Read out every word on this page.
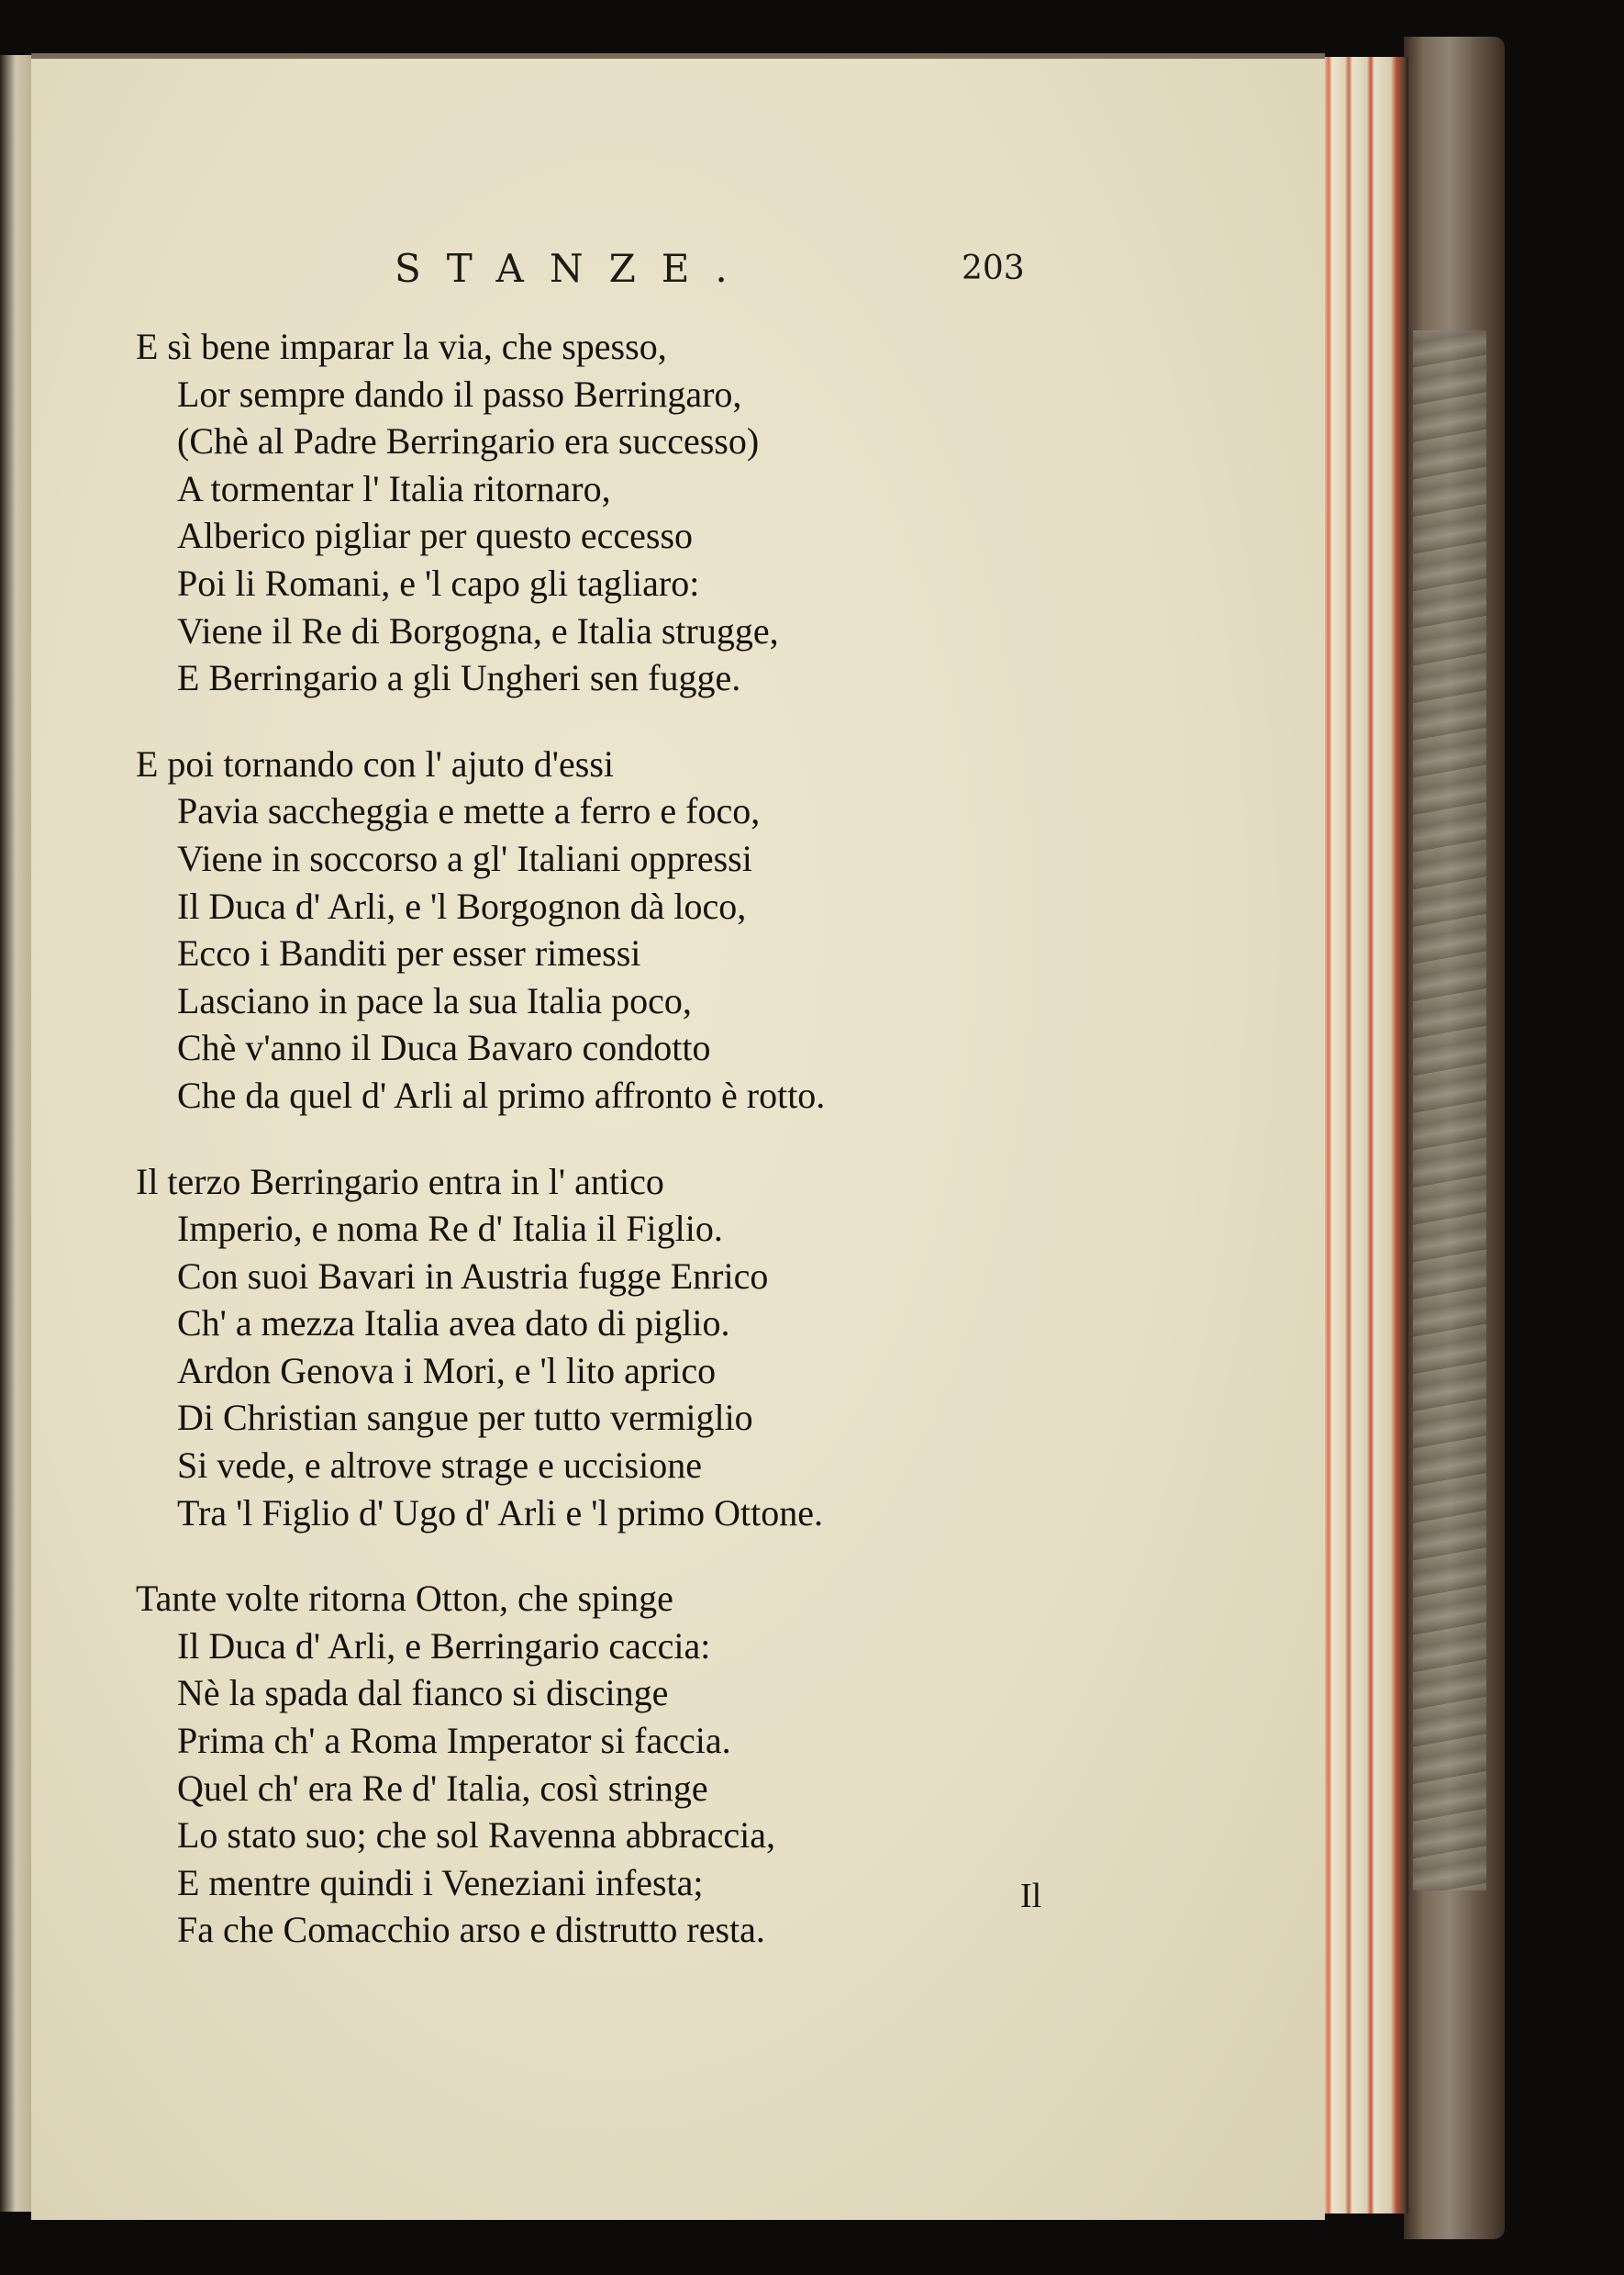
STANZE.	203
E sì bene imparar la via, che spesso,
Lor sempre dando il passo Berringaro,
(Chè al Padre Berringario era successo)
A tormentar l' Italia ritornaro,
Alberico pigliar per questo eccesso
Poi li Romani, e 'l capo gli tagliaro:
Viene il Re di Borgogna, e Italia strugge,
E Berringario a gli Ungheri sen fugge.
E poi tornando con l' ajuto d'essi
Pavia saccheggia e mette a ferro e foco,
Viene in soccorso a gl' Italiani oppressi
Il Duca d' Arli, e 'l Borgognon dà loco,
Ecco i Banditi per esser rimessi
Lasciano in pace la sua Italia poco,
Chè v'anno il Duca Bavaro condotto
Che da quel d' Arli al primo affronto è rotto.
Il terzo Berringario entra in l' antico
Imperio, e noma Re d' Italia il Figlio.
Con suoi Bavari in Austria fugge Enrico
Ch' a mezza Italia avea dato di piglio.
Ardon Genova i Mori, e 'l lito aprico
Di Christian sangue per tutto vermiglio
Si vede, e altrove strage e uccisione
Tra 'l Figlio d' Ugo d' Arli e 'l primo Ottone.
Tante volte ritorna Otton, che spinge
Il Duca d' Arli, e Berringario caccia:
Nè la spada dal fianco si discinge
Prima ch' a Roma Imperator si faccia.
Quel ch' era Re d' Italia, così stringe
Lo stato suo; che sol Ravenna abbraccia,
E mentre quindi i Veneziani infesta;
Fa che Comacchio arso e distrutto resta.
Il
